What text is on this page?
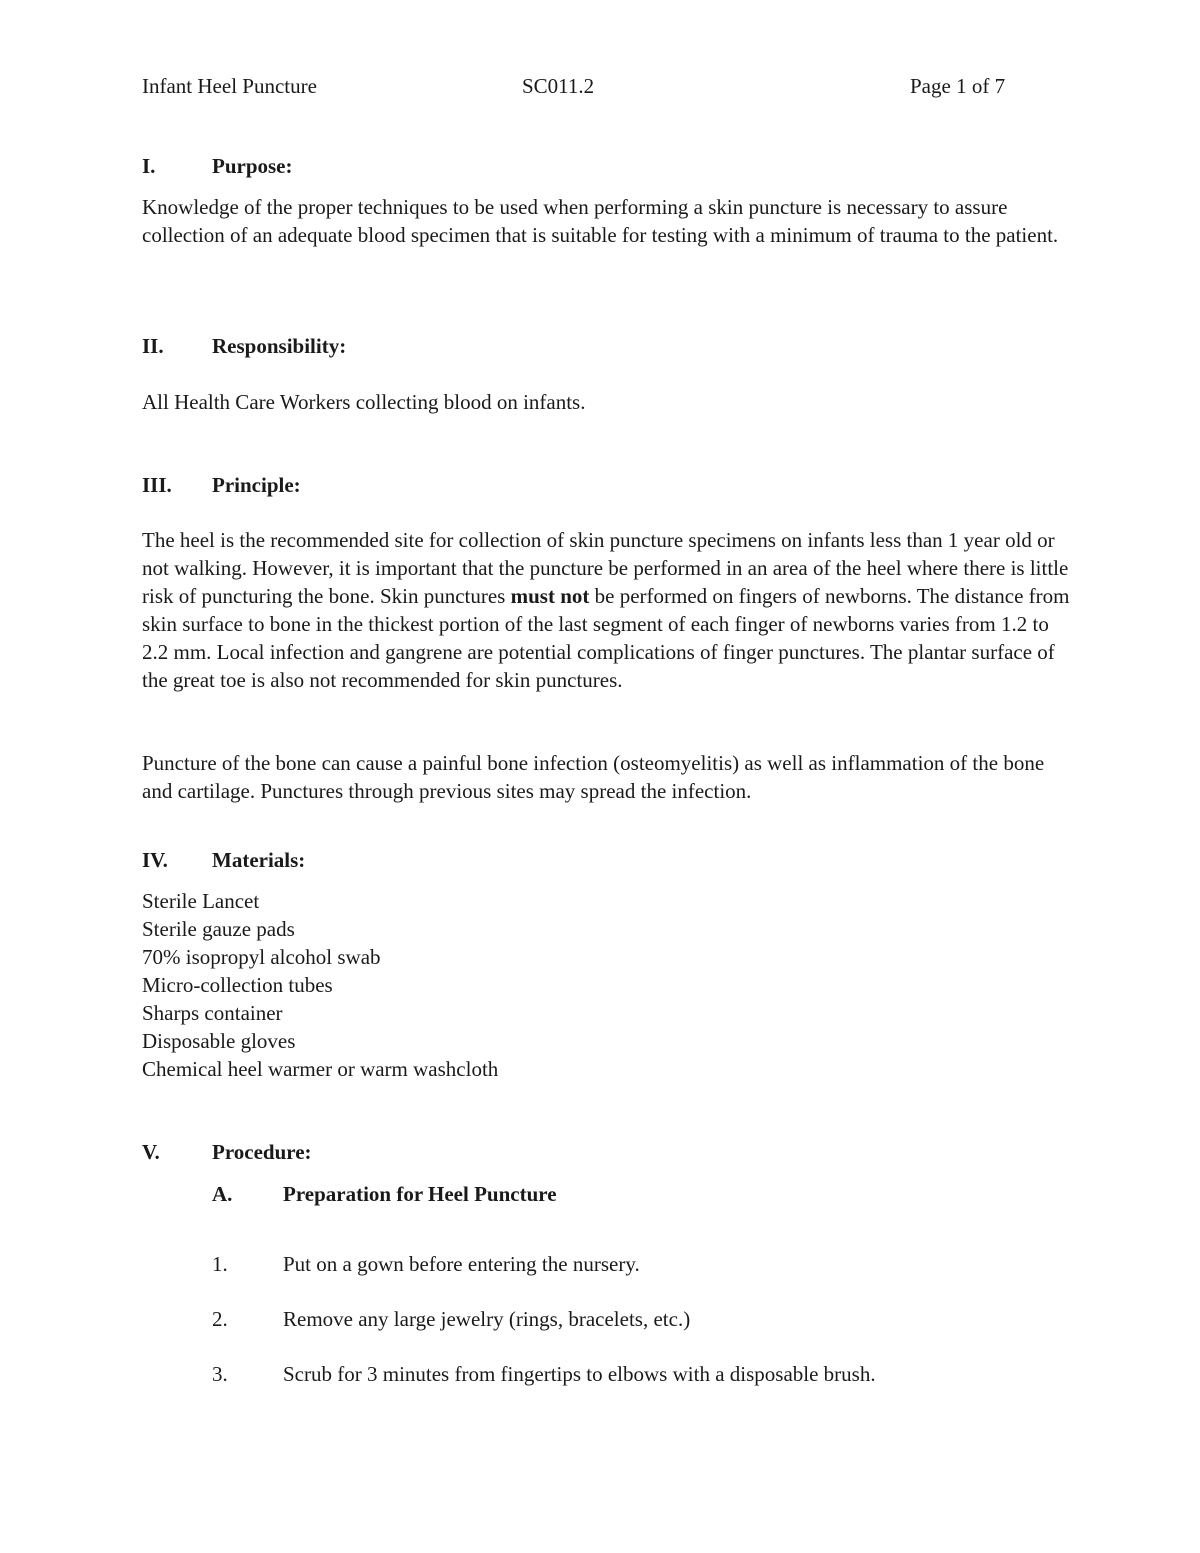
Infant Heel Puncture	SC011.2	Page 1 of 7
I.	Purpose:

Knowledge of the proper techniques to be used when performing a skin puncture is necessary to assure collection of an adequate blood specimen that is suitable for testing with a minimum of trauma to the patient.

II. Responsibility:

All Health Care Workers collecting blood on infants.

III. Principle:

The heel is the recommended site for collection of skin puncture specimens on infants less than 1 year old or not walking. However, it is important that the puncture be performed in an area of the heel where there is little risk of puncturing the bone. Skin punctures must not be performed on fingers of newborns. The distance from skin surface to bone in the thickest portion of the last segment of each finger of newborns varies from 1.2 to 2.2 mm. Local infection and gangrene are potential complications of finger punctures. The plantar surface of the great toe is also not recommended for skin punctures.

Puncture of the bone can cause a painful bone infection (osteomyelitis) as well as inflammation of the bone and cartilage. Punctures through previous sites may spread the infection.

IV. Materials:
Sterile Lancet
Sterile gauze pads
70% isopropyl alcohol swab
Micro-collection tubes
Sharps container
Disposable gloves
Chemical heel warmer or warm washcloth
V. Procedure:
A. Preparation for Heel Puncture
1.	Put on a gown before entering the nursery.
2.	Remove any large jewelry (rings, bracelets, etc.)
3.	Scrub for 3 minutes from fingertips to elbows with a disposable brush.
